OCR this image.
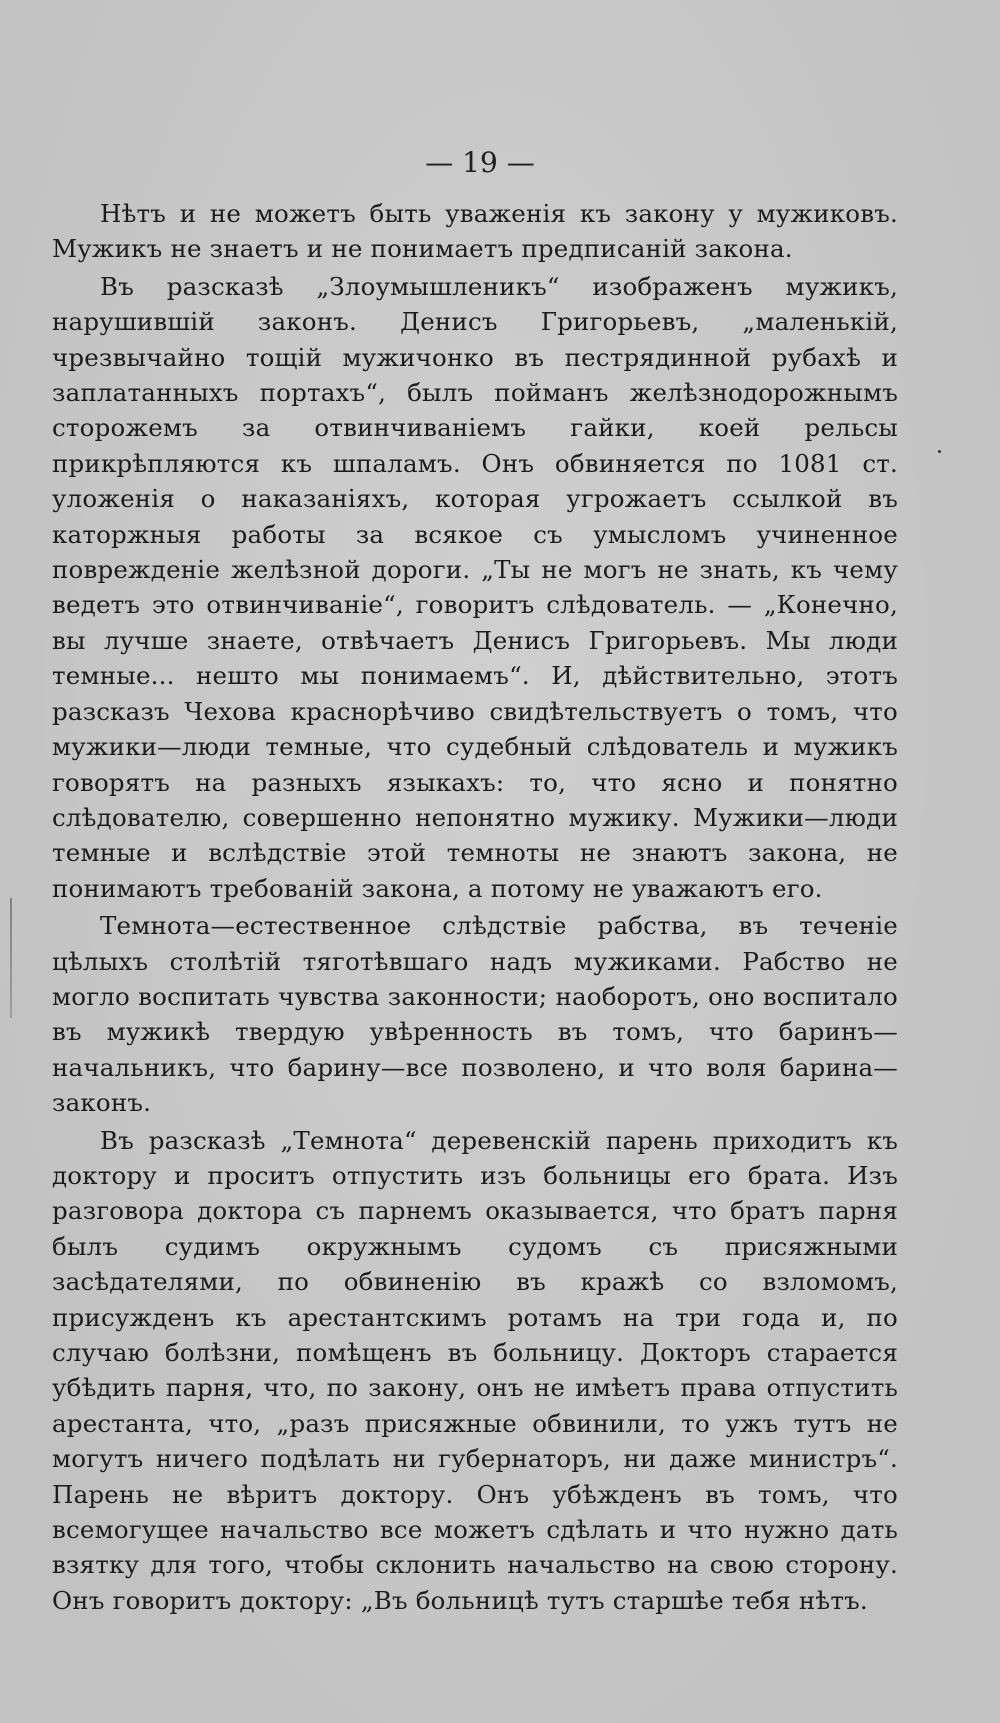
— 19 —

Нѣтъ и не можетъ быть уваженія къ закону у мужиковъ. Мужикъ не знаетъ и не понимаетъ предписаній закона.

Въ разсказѣ „Злоумышленикъ“ изображенъ мужикъ, нарушившій законъ. Денисъ Григорьевъ, „маленькій, чрезвычайно тощій мужичонко въ пестрядинной рубахѣ и заплатанныхъ портахъ“, былъ пойманъ желѣзнодорожнымъ сторожемъ за отвинчиваніемъ гайки, коей рельсы прикрѣпляются къ шпаламъ. Онъ обвиняется по 1081 ст. уложенія о наказаніяхъ, которая угрожаетъ ссылкой въ каторжныя работы за всякое съ умысломъ учиненное поврежденіе желѣзной дороги. „Ты не могъ не знать, къ чему ведетъ это отвинчиваніе“, говоритъ слѣдователь. — „Конечно, вы лучше знаете, отвѣчаетъ Денисъ Григорьевъ. Мы люди темные... нешто мы понимаемъ“. И, дѣйствительно, этотъ разсказъ Чехова краснорѣчиво свидѣтельствуетъ о томъ, что мужики—люди темные, что судебный слѣдователь и мужикъ говорятъ на разныхъ языкахъ: то, что ясно и понятно слѣдователю, совершенно непонятно мужику. Мужики—люди темные и вслѣдствіе этой темноты не знаютъ закона, не понимаютъ требованій закона, а потому не уважаютъ его.

Темнота—естественное слѣдствіе рабства, въ теченіе цѣлыхъ столѣтій тяготѣвшаго надъ мужиками. Рабство не могло воспитать чувства законности; наоборотъ, оно воспитало въ мужикѣ твердую увѣренность въ томъ, что баринъ—начальникъ, что барину—все позволено, и что воля барина—законъ.

Въ разсказѣ „Темнота“ деревенскій парень приходитъ къ доктору и проситъ отпустить изъ больницы его брата. Изъ разговора доктора съ парнемъ оказывается, что братъ парня былъ судимъ окружнымъ судомъ съ присяжными засѣдателями, по обвиненію въ кражѣ со взломомъ, присужденъ къ арестантскимъ ротамъ на три года и, по случаю болѣзни, помѣщенъ въ больницу. Докторъ старается убѣдить парня, что, по закону, онъ не имѣетъ права отпустить арестанта, что, „разъ присяжные обвинили, то ужъ тутъ не могутъ ничего подѣлать ни губернаторъ, ни даже министръ“. Парень не вѣритъ доктору. Онъ убѣжденъ въ томъ, что всемогущее начальство все можетъ сдѣлать и что нужно дать взятку для того, чтобы склонить начальство на свою сторону. Онъ говоритъ доктору: „Въ больницѣ тутъ старшѣе тебя нѣтъ.
